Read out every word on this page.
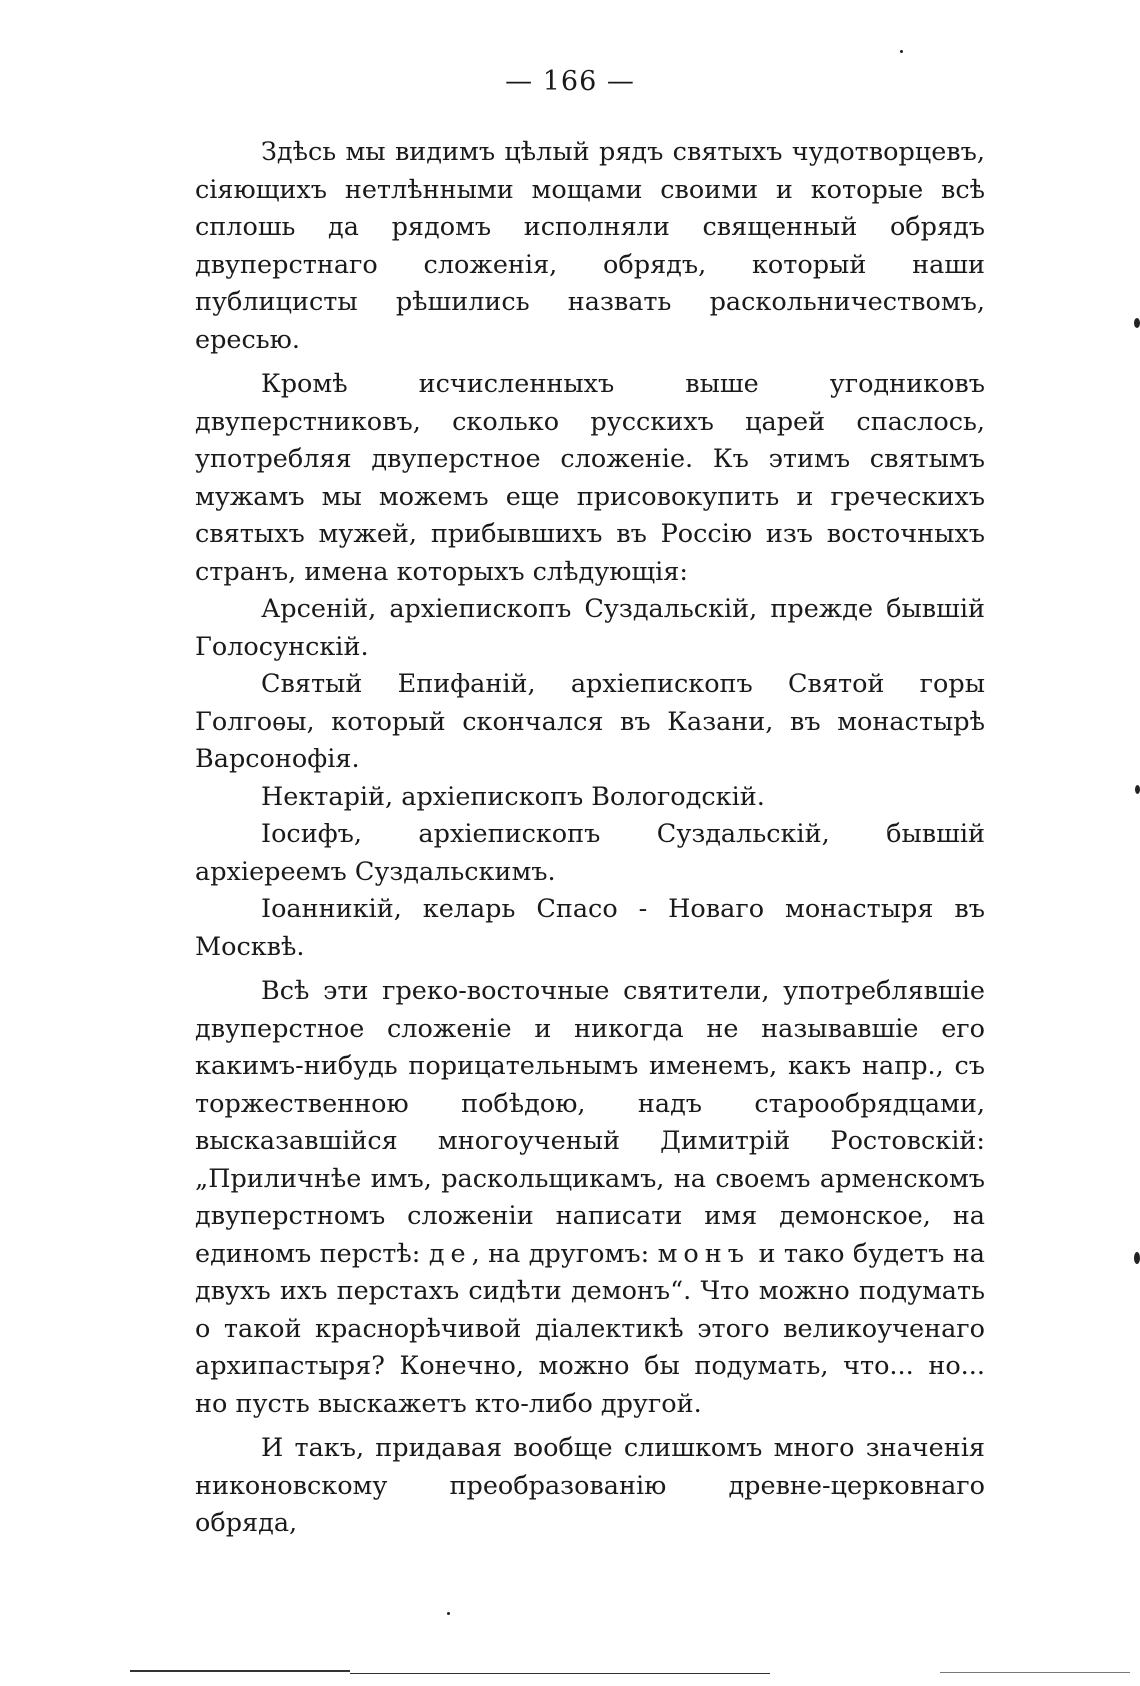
— 166 —

Здѣсь мы видимъ цѣлый рядъ святыхъ чудотворцевъ, сіяющихъ нетлѣнными мощами своими и которые всѣ сплошь да рядомъ исполняли священный обрядъ двуперстнаго сложенія, обрядъ, который наши публицисты рѣшились назвать раскольничествомъ, ересью.

Кромѣ исчисленныхъ выше угодниковъ двуперстниковъ, сколько русскихъ царей спаслось, употребляя двуперстное сложеніе. Къ этимъ святымъ мужамъ мы можемъ еще присовокупить и греческихъ святыхъ мужей, прибывшихъ въ Россію изъ восточныхъ странъ, имена которыхъ слѣдующія:

Арсеній, архіепископъ Суздальскій, прежде бывшій Голосунскій.

Святый Епифаній, архіепископъ Святой горы Голгоѳы, который скончался въ Казани, въ монастырѣ Варсонофія.

Нектарій, архіепископъ Вологодскій.

Іосифъ, архіепископъ Суздальскій, бывшій архіереемъ Суздальскимъ.

Іоанникій, келарь Спасо - Новаго монастыря въ Москвѣ.

Всѣ эти греко-восточные святители, употреблявшіе двуперстное сложеніе и никогда не называвшіе его какимъ-нибудь порицательнымъ именемъ, какъ напр., съ торжественною побѣдою, надъ старообрядцами, высказавшійся многоученый Димитрій Ростовскій: „Приличнѣе имъ, раскольщикамъ, на своемъ арменскомъ двуперстномъ сложеніи написати имя демонское, на единомъ перстѣ: де, на другомъ: монъ и тако будетъ на двухъ ихъ перстахъ сидѣти демонъ“. Что можно подумать о такой краснорѣчивой діалектикѣ этого великоученаго архипастыря? Конечно, можно бы подумать, что... но... но пусть выскажетъ кто-либо другой.

И такъ, придавая вообще слишкомъ много значенія никоновскому преобразованію древне-церковнаго обряда,
